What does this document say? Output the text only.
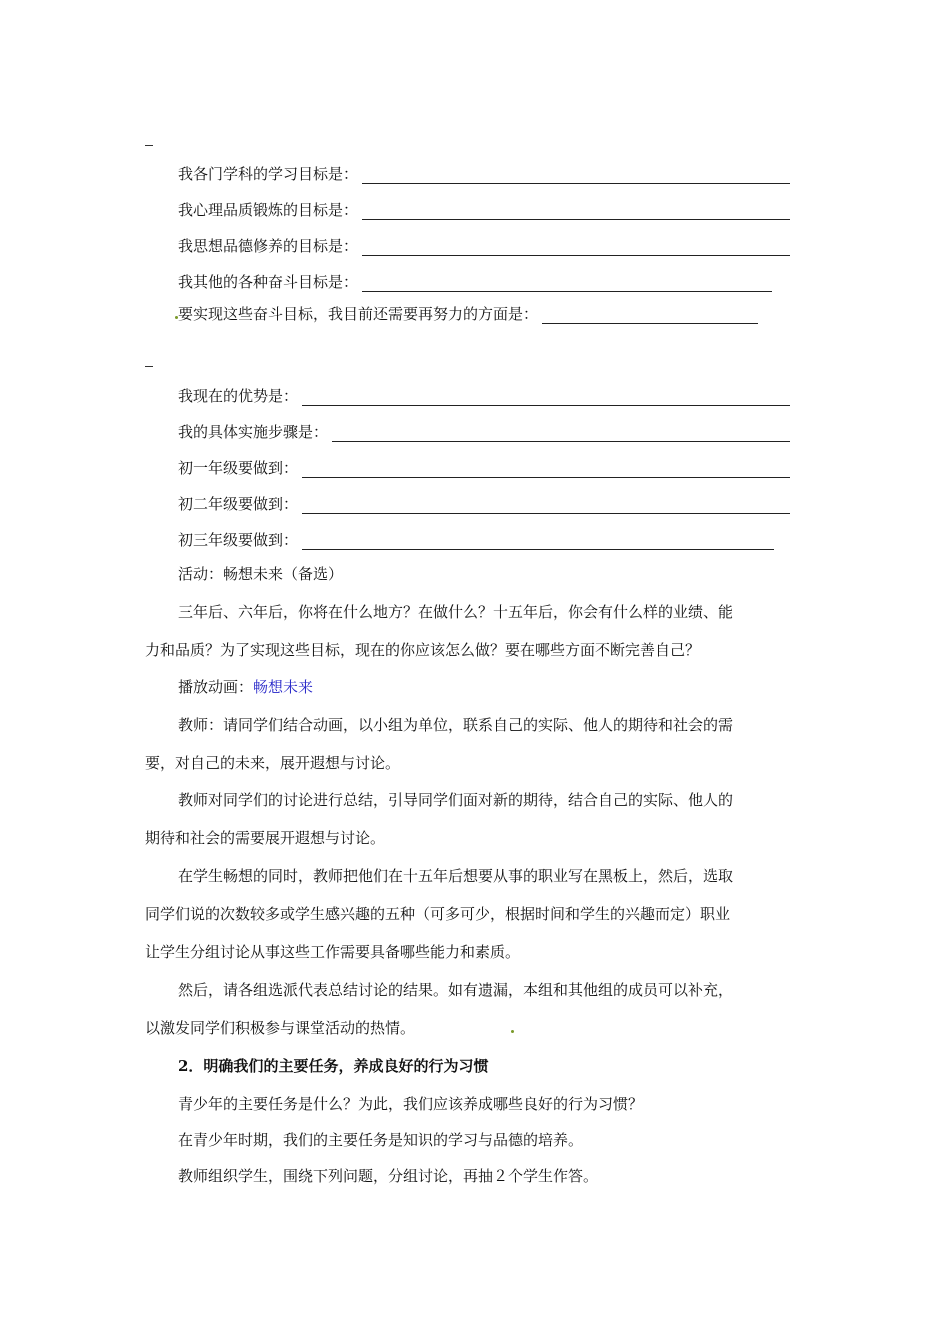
我各门学科的学习目标是：
我心理品质锻炼的目标是：
我思想品德修养的目标是：
我其他的各种奋斗目标是：
要实现这些奋斗目标，我目前还需要再努力的方面是：
我现在的优势是：
我的具体实施步骤是：
初一年级要做到：
初二年级要做到：
初三年级要做到：
活动：畅想未来（备选）
三年后、六年后，你将在什么地方？在做什么？十五年后，你会有什么样的业绩、能
力和品质？为了实现这些目标，现在的你应该怎么做？要在哪些方面不断完善自己？
播放动画：畅想未来
教师：请同学们结合动画，以小组为单位，联系自己的实际、他人的期待和社会的需
要，对自己的未来，展开遐想与讨论。
教师对同学们的讨论进行总结，引导同学们面对新的期待，结合自己的实际、他人的
期待和社会的需要展开遐想与讨论。
在学生畅想的同时，教师把他们在十五年后想要从事的职业写在黑板上，然后，选取
同学们说的次数较多或学生感兴趣的五种（可多可少，根据时间和学生的兴趣而定）职业
让学生分组讨论从事这些工作需要具备哪些能力和素质。
然后，请各组选派代表总结讨论的结果。如有遗漏，本组和其他组的成员可以补充，
以激发同学们积极参与课堂活动的热情。
2．明确我们的主要任务，养成良好的行为习惯
青少年的主要任务是什么？为此，我们应该养成哪些良好的行为习惯？
在青少年时期，我们的主要任务是知识的学习与品德的培养。
教师组织学生，围绕下列问题，分组讨论，再抽２个学生作答。
